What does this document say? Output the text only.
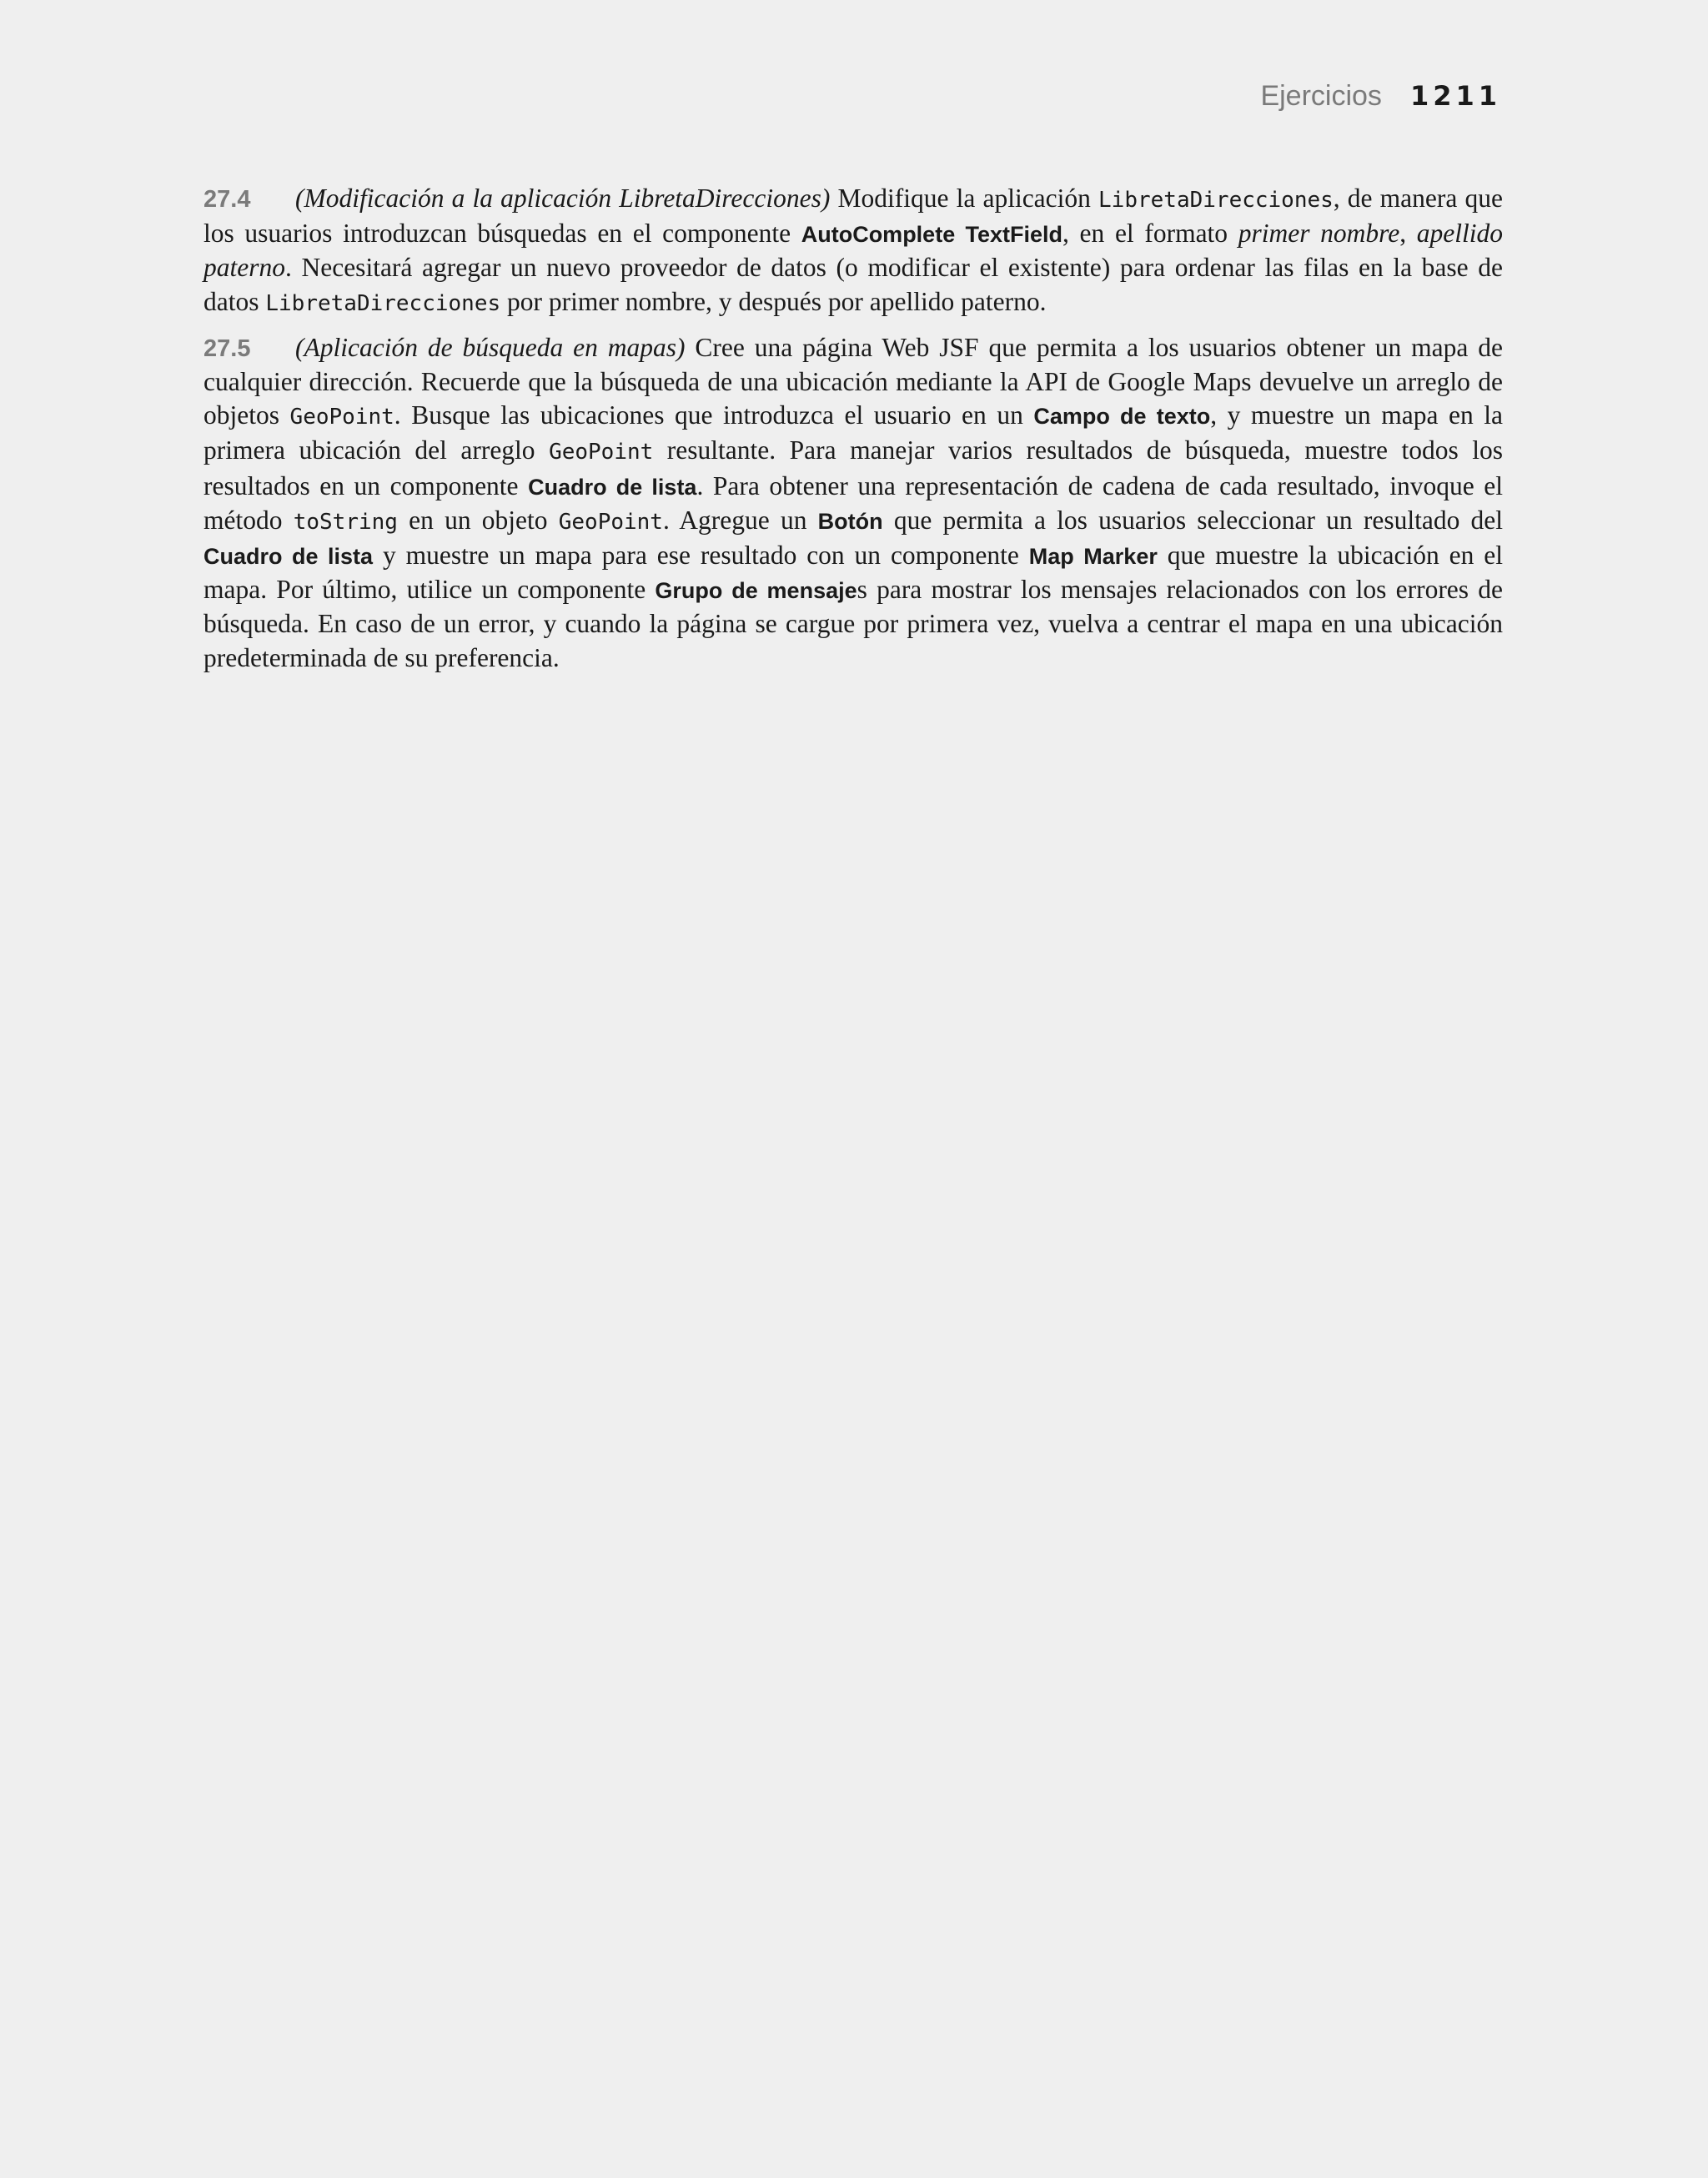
Ejercicios 1211

27.4 (Modificación a la aplicación LibretaDirecciones) Modifique la aplicación LibretaDirecciones, de manera que los usuarios introduzcan búsquedas en el componente AutoComplete TextField, en el formato primer nombre, apellido paterno. Necesitará agregar un nuevo proveedor de datos (o modificar el existente) para ordenar las filas en la base de datos LibretaDirecciones por primer nombre, y después por apellido paterno.

27.5 (Aplicación de búsqueda en mapas) Cree una página Web JSF que permita a los usuarios obtener un mapa de cualquier dirección. Recuerde que la búsqueda de una ubicación mediante la API de Google Maps devuelve un arreglo de objetos GeoPoint. Busque las ubicaciones que introduzca el usuario en un Campo de texto, y muestre un mapa en la primera ubicación del arreglo GeoPoint resultante. Para manejar varios resultados de búsqueda, muestre todos los resultados en un componente Cuadro de lista. Para obtener una representación de cadena de cada resultado, invoque el método toString en un objeto GeoPoint. Agregue un Botón que permita a los usuarios seleccionar un resultado del Cuadro de lista y muestre un mapa para ese resultado con un componente Map Marker que muestre la ubicación en el mapa. Por último, utilice un componente Grupo de mensajes para mostrar los mensajes relacionados con los errores de búsqueda. En caso de un error, y cuando la página se cargue por primera vez, vuelva a centrar el mapa en una ubicación predeterminada de su preferencia.
